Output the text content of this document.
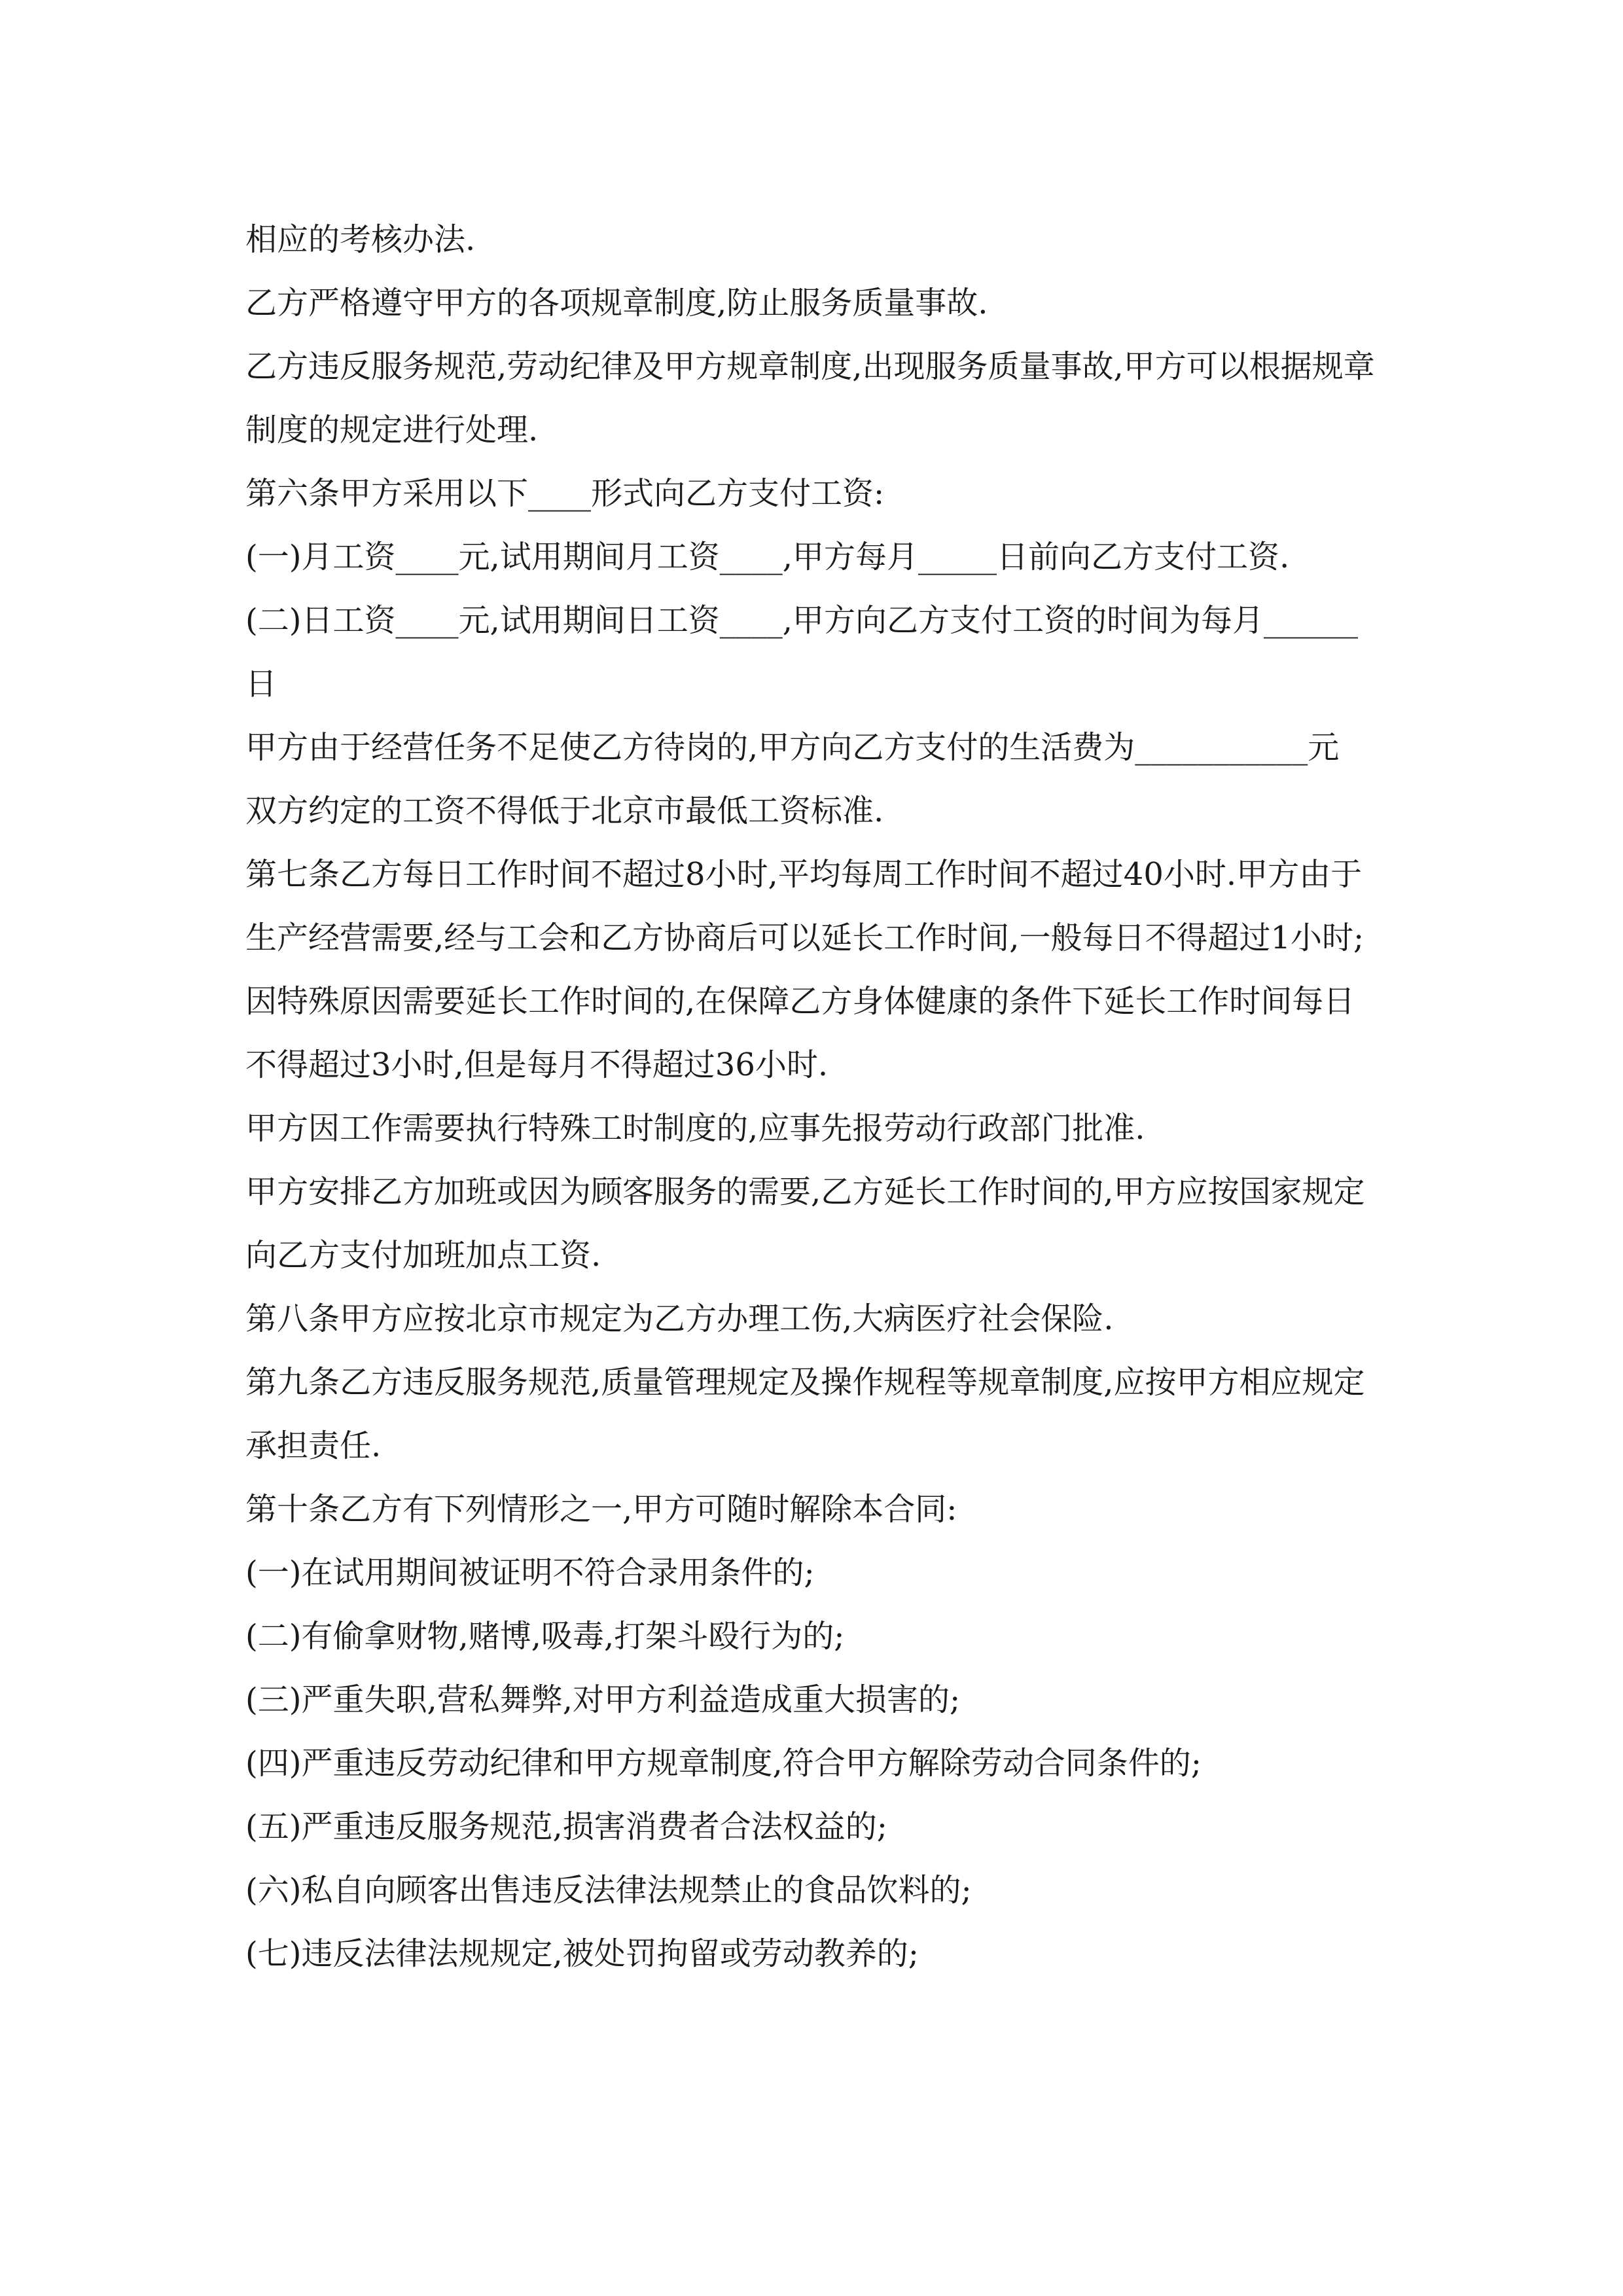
相应的考核办法.

乙方严格遵守甲方的各项规章制度,防止服务质量事故.

乙方违反服务规范,劳动纪律及甲方规章制度,出现服务质量事故,甲方可以根据规章制度的规定进行处理.

第六条甲方采用以下____形式向乙方支付工资:

(一)月工资____元,试用期间月工资____,甲方每月_____日前向乙方支付工资.

(二)日工资____元,试用期间日工资____,甲方向乙方支付工资的时间为每月______日

甲方由于经营任务不足使乙方待岗的,甲方向乙方支付的生活费为___________元

双方约定的工资不得低于北京市最低工资标准.

第七条乙方每日工作时间不超过8小时,平均每周工作时间不超过40小时.甲方由于生产经营需要,经与工会和乙方协商后可以延长工作时间,一般每日不得超过1小时;因特殊原因需要延长工作时间的,在保障乙方身体健康的条件下延长工作时间每日不得超过3小时,但是每月不得超过36小时.

甲方因工作需要执行特殊工时制度的,应事先报劳动行政部门批准.

甲方安排乙方加班或因为顾客服务的需要,乙方延长工作时间的,甲方应按国家规定向乙方支付加班加点工资.

第八条甲方应按北京市规定为乙方办理工伤,大病医疗社会保险.

第九条乙方违反服务规范,质量管理规定及操作规程等规章制度,应按甲方相应规定承担责任.

第十条乙方有下列情形之一,甲方可随时解除本合同:

(一)在试用期间被证明不符合录用条件的;

(二)有偷拿财物,赌博,吸毒,打架斗殴行为的;

(三)严重失职,营私舞弊,对甲方利益造成重大损害的;

(四)严重违反劳动纪律和甲方规章制度,符合甲方解除劳动合同条件的;

(五)严重违反服务规范,损害消费者合法权益的;

(六)私自向顾客出售违反法律法规禁止的食品饮料的;

(七)违反法律法规规定,被处罚拘留或劳动教养的;
